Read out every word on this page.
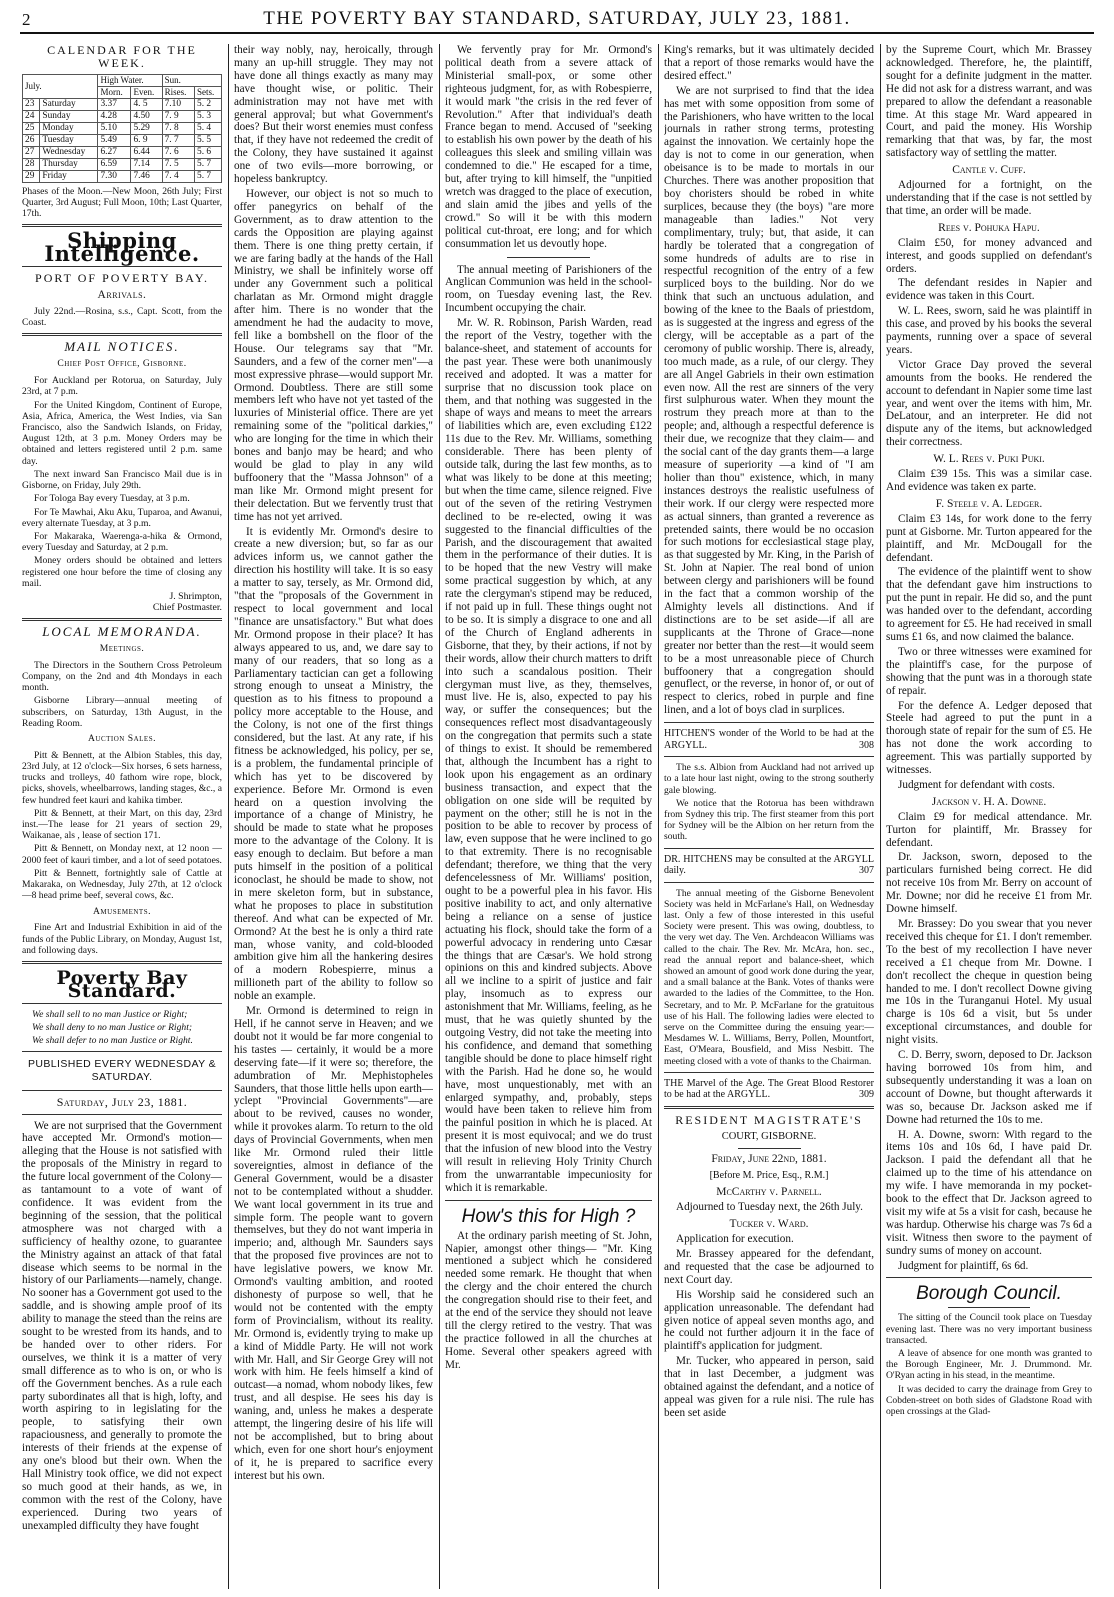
2	THE POVERTY BAY STANDARD, SATURDAY, JULY 23, 1881.
CALENDAR FOR THE WEEK.
July.		High Water.		Sun.	
		Morn.	Even.	Rises.	Sets.
23	Saturday	3.37	4. 5	7.10	5. 2
24	Sunday	4.28	4.50	7. 9	5. 3
25	Monday	5.10	5.29	7. 8	5. 4
26	Tuesday	5.49	6. 9	7. 7	5. 5
27	Wednesday	6.27	6.44	7. 6	5. 6
28	Thursday	6.59	7.14	7. 5	5. 7
29	Friday	7.30	7.46	7. 4	5. 7

Phases of the Moon.—New Moon, 26th July; First Quarter, 3rd August; Full Moon, 10th; Last Quarter, 17th.

Shipping Intelligence.
PORT OF POVERTY BAY.
Arrivals.

July 22nd.—Rosina, s.s., Capt. Scott, from the Coast.

MAIL NOTICES.
Chief Post Office, Gisborne.

For Auckland per Rotorua, on Saturday, July 23rd, at 7 p.m.

For the United Kingdom, Continent of Europe, Asia, Africa, America, the West Indies, via San Francisco, also the Sandwich Islands, on Friday, August 12th, at 3 p.m. Money Orders may be obtained and letters registered until 2 p.m. same day.

The next inward San Francisco Mail due is in Gisborne, on Friday, July 29th.

For Tologa Bay every Tuesday, at 3 p.m.

For Te Mawhai, Aku Aku, Tuparoa, and Awanui, every alternate Tuesday, at 3 p.m.

For Makaraka, Waerenga-a-hika & Ormond, every Tuesday and Saturday, at 2 p.m.

Money orders should be obtained and letters registered one hour before the time of closing any mail.

J. Shrimpton,
Chief Postmaster.
LOCAL MEMORANDA.
Meetings.

The Directors in the Southern Cross Petroleum Company, on the 2nd and 4th Mondays in each month.

Gisborne Library—annual meeting of subscribers, on Saturday, 13th August, in the Reading Room.

Auction Sales.

Pitt & Bennett, at the Albion Stables, this day, 23rd July, at 12 o'clock—Six horses, 6 sets harness, trucks and trolleys, 40 fathom wire rope, block, picks, shovels, wheelbarrows, landing stages, &c., a few hundred feet kauri and kahika timber.

Pitt & Bennett, at their Mart, on this day, 23rd inst.—The lease for 21 years of section 29, Waikanae, als , lease of section 171.

Pitt & Bennett, on Monday next, at 12 noon —2000 feet of kauri timber, and a lot of seed potatoes.

Pitt & Bennett, fortnightly sale of Cattle at Makaraka, on Wednesday, July 27th, at 12 o'clock—8 head prime beef, several cows, &c.

Amusements.

Fine Art and Industrial Exhibition in aid of the funds of the Public Library, on Monday, August 1st, and following days.

Poverty Bay Standard.
We shall sell to no man Justice or Right;
We shall deny to no man Justice or Right;
We shall defer to no man Justice or Right.
PUBLISHED EVERY WEDNESDAY & SATURDAY.
Saturday, July 23, 1881.

We are not surprised that the Government have accepted Mr. Ormond's motion—alleging that the House is not satisfied with the proposals of the Ministry in regard to the future local government of the Colony—as tantamount to a vote of want of confidence. It was evident from the beginning of the session, that the political atmosphere was not charged with a sufficiency of healthy ozone, to guarantee the Ministry against an attack of that fatal disease which seems to be normal in the history of our Parliaments—namely, change. No sooner has a Government got used to the saddle, and is showing ample proof of its ability to manage the steed than the reins are sought to be wrested from its hands, and to be handed over to other riders. For ourselves, we think it is a matter of very small difference as to who is on, or who is off the Government benches. As a rule each party subordinates all that is high, lofty, and worth aspiring to in legislating for the people, to satisfying their own rapaciousness, and generally to promote the interests of their friends at the expense of any one's blood but their own. When the Hall Ministry took office, we did not expect so much good at their hands, as we, in common with the rest of the Colony, have experienced. During two years of unexampled difficulty they have fought

their way nobly, nay, heroically, through many an up-hill struggle. They may not have done all things exactly as many may have thought wise, or politic. Their administration may not have met with general approval; but what Government's does? But their worst enemies must confess that, if they have not redeemed the credit of the Colony, they have sustained it against one of two evils—more borrowing, or hopeless bankruptcy.

However, our object is not so much to offer panegyrics on behalf of the Government, as to draw attention to the cards the Opposition are playing against them. There is one thing pretty certain, if we are faring badly at the hands of the Hall Ministry, we shall be infinitely worse off under any Government such a political charlatan as Mr. Ormond might draggle after him. There is no wonder that the amendment he had the audacity to move, fell like a bombshell on the floor of the House. Our telegrams say that "Mr. Saunders, and a few of the corner men"—a most expressive phrase—would support Mr. Ormond. Doubtless. There are still some members left who have not yet tasted of the luxuries of Ministerial office. There are yet remaining some of the "political darkies," who are longing for the time in which their bones and banjo may be heard; and who would be glad to play in any wild buffoonery that the "Massa Johnson" of a man like Mr. Ormond might present for their delectation. But we fervently trust that time has not yet arrived.

It is evidently Mr. Ormond's desire to create a new diversion; but, so far as our advices inform us, we cannot gather the direction his hostility will take. It is so easy a matter to say, tersely, as Mr. Ormond did, "that the "proposals of the Government in respect to local government and local "finance are unsatisfactory." But what does Mr. Ormond propose in their place? It has always appeared to us, and, we dare say to many of our readers, that so long as a Parliamentary tactician can get a following strong enough to unseat a Ministry, the question as to his fitness to propound a policy more acceptable to the House, and the Colony, is not one of the first things considered, but the last. At any rate, if his fitness be acknowledged, his policy, per se, is a problem, the fundamental principle of which has yet to be discovered by experience. Before Mr. Ormond is even heard on a question involving the importance of a change of Ministry, he should be made to state what he proposes more to the advantage of the Colony. It is easy enough to declaim. But before a man puts himself in the position of a political iconoclast, he should be made to show, not in mere skeleton form, but in substance, what he proposes to place in substitution thereof. And what can be expected of Mr. Ormond? At the best he is only a third rate man, whose vanity, and cold-blooded ambition give him all the hankering desires of a modern Robespierre, minus a millioneth part of the ability to follow so noble an example.

Mr. Ormond is determined to reign in Hell, if he cannot serve in Heaven; and we doubt not it would be far more congenial to his tastes — certainly, it would be a more deserving fate—if it were so; therefore, the adumbration of Mr. Mephistopheles Saunders, that those little hells upon earth—yclept "Provincial Governments"—are about to be revived, causes no wonder, while it provokes alarm. To return to the old days of Provincial Governments, when men like Mr. Ormond ruled their little sovereignties, almost in defiance of the General Government, would be a disaster not to be contemplated without a shudder. We want local government in its true and simple form. The people want to govern themselves, but they do not want imperia in imperio; and, although Mr. Saunders says that the proposed five provinces are not to have legislative powers, we know Mr. Ormond's vaulting ambition, and rooted dishonesty of purpose so well, that he would not be contented with the empty form of Provincialism, without its reality. Mr. Ormond is, evidently trying to make up a kind of Middle Party. He will not work with Mr. Hall, and Sir George Grey will not work with him. He feels himself a kind of outcast—a nomad, whom nobody likes, few trust, and all despise. He sees his day is waning, and, unless he makes a desperate attempt, the lingering desire of his life will not be accomplished, but to bring about which, even for one short hour's enjoyment of it, he is prepared to sacrifice every interest but his own.

We fervently pray for Mr. Ormond's political death from a severe attack of Ministerial small-pox, or some other righteous judgment, for, as with Robespierre, it would mark "the crisis in the red fever of Revolution." After that individual's death France began to mend. Accused of "seeking to establish his own power by the death of his colleagues this sleek and smiling villain was condemned to die." He escaped for a time, but, after trying to kill himself, the "unpitied wretch was dragged to the place of execution, and slain amid the jibes and yells of the crowd." So will it be with this modern political cut-throat, ere long; and for which consummation let us devoutly hope.

The annual meeting of Parishioners of the Anglican Communion was held in the school-room, on Tuesday evening last, the Rev. Incumbent occupying the chair.

Mr. W. R. Robinson, Parish Warden, read the report of the Vestry, together with the balance-sheet, and statement of accounts for the past year. These were both unanimously received and adopted. It was a matter for surprise that no discussion took place on them, and that nothing was suggested in the shape of ways and means to meet the arrears of liabilities which are, even excluding £122 11s due to the Rev. Mr. Williams, something considerable. There has been plenty of outside talk, during the last few months, as to what was likely to be done at this meeting; but when the time came, silence reigned. Five out of the seven of the retiring Vestrymen declined to be re-elected, owing it was suggested to the financial difficulties of the Parish, and the discouragement that awaited them in the performance of their duties. It is to be hoped that the new Vestry will make some practical suggestion by which, at any rate the clergyman's stipend may be reduced, if not paid up in full. These things ought not to be so. It is simply a disgrace to one and all of the Church of England adherents in Gisborne, that they, by their actions, if not by their words, allow their church matters to drift into such a scandalous position. Their clergyman must live, as they, themselves, must live. He is, also, expected to pay his way, or suffer the consequences; but the consequences reflect most disadvantageously on the congregation that permits such a state of things to exist. It should be remembered that, although the Incumbent has a right to look upon his engagement as an ordinary business transaction, and expect that the obligation on one side will be requited by payment on the other; still he is not in the position to be able to recover by process of law, even suppose that he were inclined to go to that extremity. There is no recognisable defendant; therefore, we thing that the very defencelessness of Mr. Williams' position, ought to be a powerful plea in his favor. His positive inability to act, and only alternative being a reliance on a sense of justice actuating his flock, should take the form of a powerful advocacy in rendering unto Cæsar the things that are Cæsar's. We hold strong opinions on this and kindred subjects. Above all we incline to a spirit of justice and fair play, insomuch as to express our astonishment that Mr. Williams, feeling, as he must, that he was quietly shunted by the outgoing Vestry, did not take the meeting into his confidence, and demand that something tangible should be done to place himself right with the Parish. Had he done so, he would have, most unquestionably, met with an enlarged sympathy, and, probably, steps would have been taken to relieve him from the painful position in which he is placed. At present it is most equivocal; and we do trust that the infusion of new blood into the Vestry will result in relieving Holy Trinity Church from the unwarrantable impecuniosity for which it is remarkable.

How's this for High ?

At the ordinary parish meeting of St. John, Napier, amongst other things— "Mr. King mentioned a subject which he considered needed some remark. He thought that when the clergy and the choir entered the church the congregation should rise to their feet, and at the end of the service they should not leave till the clergy retired to the vestry. That was the practice followed in all the churches at Home. Several other speakers agreed with Mr.

King's remarks, but it was ultimately decided that a report of those remarks would have the desired effect."

We are not surprised to find that the idea has met with some opposition from some of the Parishioners, who have written to the local journals in rather strong terms, protesting against the innovation. We certainly hope the day is not to come in our generation, when obeisance is to be made to mortals in our Churches. There was another proposition that boy choristers should be robed in white surplices, because they (the boys) "are more manageable than ladies." Not very complimentary, truly; but, that aside, it can hardly be tolerated that a congregation of some hundreds of adults are to rise in respectful recognition of the entry of a few surpliced boys to the building. Nor do we think that such an unctuous adulation, and bowing of the knee to the Baals of priestdom, as is suggested at the ingress and egress of the clergy, will be acceptable as a part of the ceromony of public worship. There is, already, too much made, as a rule, of our clergy. They are all Angel Gabriels in their own estimation even now. All the rest are sinners of the very first sulphurous water. When they mount the rostrum they preach more at than to the people; and, although a respectful deference is their due, we recognize that they claim— and the social cant of the day grants them—a large measure of superiority —a kind of "I am holier than thou" existence, which, in many instances destroys the realistic usefulness of their work. If our clergy were respected more as actual sinners, than granted a reverence as pretended saints, there would be no occasion for such motions for ecclesiastical stage play, as that suggested by Mr. King, in the Parish of St. John at Napier. The real bond of union between clergy and parishioners will be found in the fact that a common worship of the Almighty levels all distinctions. And if distinctions are to be set aside—if all are supplicants at the Throne of Grace—none greater nor better than the rest—it would seem to be a most unreasonable piece of Church buffoonery that a congregation should genuflect, or the reverse, in honor of, or out of respect to clerics, robed in purple and fine linen, and a lot of boys clad in surplices.

HITCHEN'S wonder of the World to be had at the ARGYLL.	308

The s.s. Albion from Auckland had not arrived up to a late hour last night, owing to the strong southerly gale blowing.

We notice that the Rotorua has been withdrawn from Sydney this trip. The first steamer from this port for Sydney will be the Albion on her return from the south.

DR. HITCHENS may be consulted at the ARGYLL daily.	307

The annual meeting of the Gisborne Benevolent Society was held in McFarlane's Hall, on Wednesday last. Only a few of those interested in this useful Society were present. This was owing, doubtless, to the very wet day. The Ven. Archdeacon Williams was called to the chair. The Rev. Mr. McAra, hon. sec., read the annual report and balance-sheet, which showed an amount of good work done during the year, and a small balance at the Bank. Votes of thanks were awarded to the ladies of the Committee, to the Hon. Secretary, and to Mr. P. McFarlane for the gratuitous use of his Hall. The following ladies were elected to serve on the Committee during the ensuing year:—Mesdames W. L. Williams, Berry, Pollen, Mountfort, East, O'Meara, Bousfield, and Miss Nesbitt. The meeting closed with a vote of thanks to the Chairman.

THE Marvel of the Age. The Great Blood Restorer to be had at the ARGYLL.	309
RESIDENT MAGISTRATE'S
COURT, GISBORNE.
Friday, June 22nd, 1881.
[Before M. Price, Esq., R.M.]
McCarthy v. Parnell.

Adjourned to Tuesday next, the 26th July.

Tucker v. Ward.

Application for execution.

Mr. Brassey appeared for the defendant, and requested that the case be adjourned to next Court day.

His Worship said he considered such an application unreasonable. The defendant had given notice of appeal seven months ago, and he could not further adjourn it in the face of plaintiff's application for judgment.

Mr. Tucker, who appeared in person, said that in last December, a judgment was obtained against the defendant, and a notice of appeal was given for a rule nisi. The rule has been set aside

by the Supreme Court, which Mr. Brassey acknowledged. Therefore, he, the plaintiff, sought for a definite judgment in the matter. He did not ask for a distress warrant, and was prepared to allow the defendant a reasonable time. At this stage Mr. Ward appeared in Court, and paid the money. His Worship remarking that that was, by far, the most satisfactory way of settling the matter.

Cantle v. Cuff.

Adjourned for a fortnight, on the understanding that if the case is not settled by that time, an order will be made.

Rees v. Pohuka Hapu.

Claim £50, for money advanced and interest, and goods supplied on defendant's orders.

The defendant resides in Napier and evidence was taken in this Court.

W. L. Rees, sworn, said he was plaintiff in this case, and proved by his books the several payments, running over a space of several years.

Victor Grace Day proved the several amounts from the books. He rendered the account to defendant in Napier some time last year, and went over the items with him, Mr. DeLatour, and an interpreter. He did not dispute any of the items, but acknowledged their correctness.

W. L. Rees v. Puki Puki.

Claim £39 15s. This was a similar case. And evidence was taken ex parte.

F. Steele v. A. Ledger.

Claim £3 14s, for work done to the ferry punt at Gisborne. Mr. Turton appeared for the plaintiff, and Mr. McDougall for the defendant.

The evidence of the plaintiff went to show that the defendant gave him instructions to put the punt in repair. He did so, and the punt was handed over to the defendant, according to agreement for £5. He had received in small sums £1 6s, and now claimed the balance.

Two or three witnesses were examined for the plaintiff's case, for the purpose of showing that the punt was in a thorough state of repair.

For the defence A. Ledger deposed that Steele had agreed to put the punt in a thorough state of repair for the sum of £5. He has not done the work according to agreement. This was partially supported by witnesses.

Judgment for defendant with costs.

Jackson v. H. A. Downe.

Claim £9 for medical attendance. Mr. Turton for plaintiff, Mr. Brassey for defendant.

Dr. Jackson, sworn, deposed to the particulars furnished being correct. He did not receive 10s from Mr. Berry on account of Mr. Downe; nor did he receive £1 from Mr. Downe himself.

Mr. Brassey: Do you swear that you never received this cheque for £1. I don't remember. To the best of my recollection I have never received a £1 cheque from Mr. Downe. I don't recollect the cheque in question being handed to me. I don't recollect Downe giving me 10s in the Turanganui Hotel. My usual charge is 10s 6d a visit, but 5s under exceptional circumstances, and double for night visits.

C. D. Berry, sworn, deposed to Dr. Jackson having borrowed 10s from him, and subsequently understanding it was a loan on account of Downe, but thought afterwards it was so, because Dr. Jackson asked me if Downe had returned the 10s to me.

H. A. Downe, sworn: With regard to the items 10s and 10s 6d, I have paid Dr. Jackson. I paid the defendant all that he claimed up to the time of his attendance on my wife. I have memoranda in my pocket-book to the effect that Dr. Jackson agreed to visit my wife at 5s a visit for cash, because he was hardup. Otherwise his charge was 7s 6d a visit. Witness then swore to the payment of sundry sums of money on account.

Judgment for plaintiff, 6s 6d.

Borough Council.

The sitting of the Council took place on Tuesday evening last. There was no very important business transacted.

A leave of absence for one month was granted to the Borough Engineer, Mr. J. Drummond. Mr. O'Ryan acting in his stead, in the meantime.

It was decided to carry the drainage from Grey to Cobden-street on both sides of Gladstone Road with open crossings at the Glad-
